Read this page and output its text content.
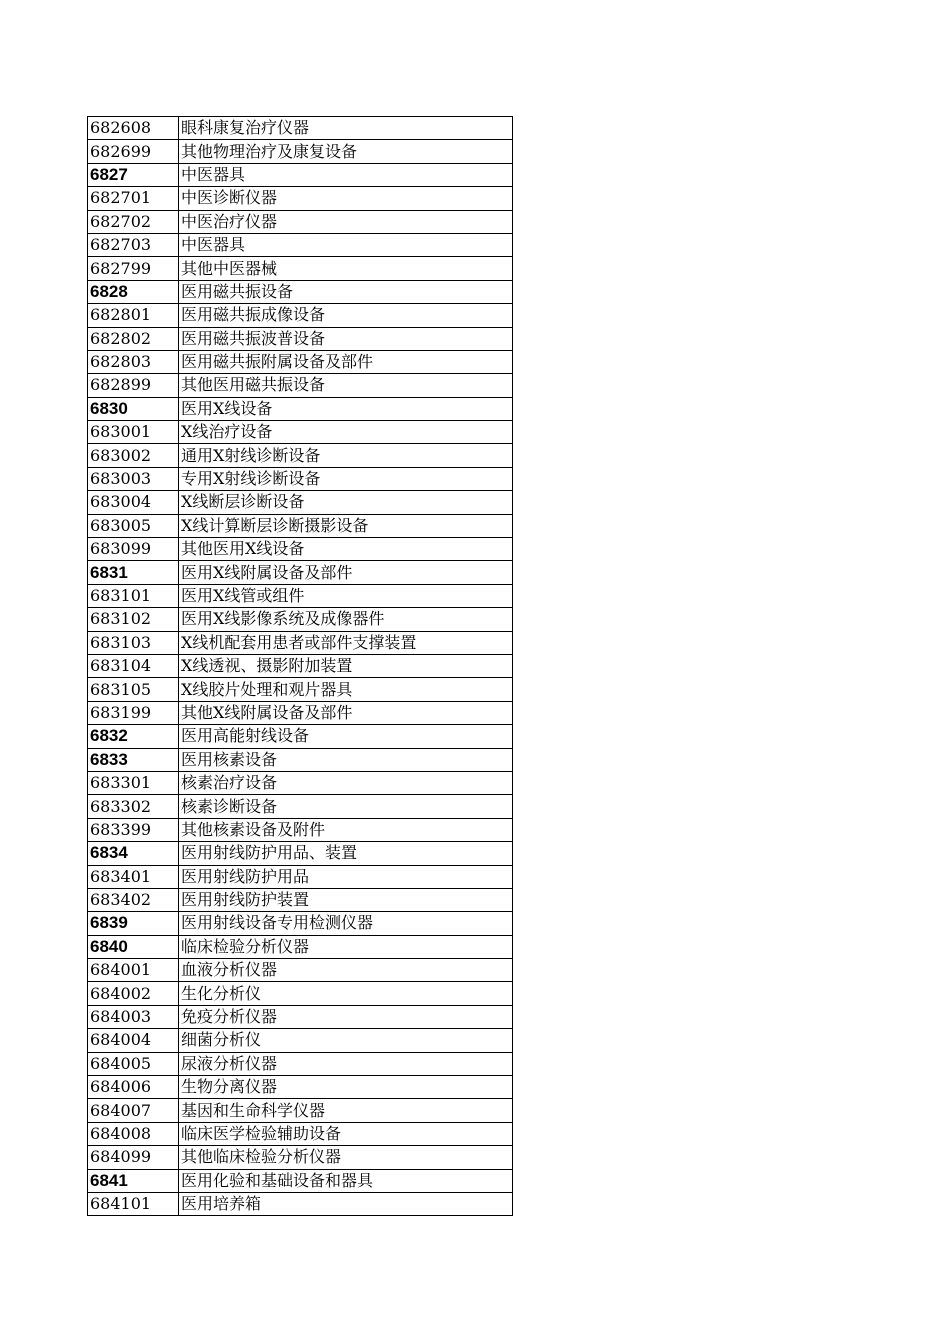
682608	眼科康复治疗仪器
682699	其他物理治疗及康复设备
6827	中医器具
682701	中医诊断仪器
682702	中医治疗仪器
682703	中医器具
682799	其他中医器械
6828	医用磁共振设备
682801	医用磁共振成像设备
682802	医用磁共振波普设备
682803	医用磁共振附属设备及部件
682899	其他医用磁共振设备
6830	医用X线设备
683001	X线治疗设备
683002	通用X射线诊断设备
683003	专用X射线诊断设备
683004	X线断层诊断设备
683005	X线计算断层诊断摄影设备
683099	其他医用X线设备
6831	医用X线附属设备及部件
683101	医用X线管或组件
683102	医用X线影像系统及成像器件
683103	X线机配套用患者或部件支撑装置
683104	X线透视、摄影附加装置
683105	X线胶片处理和观片器具
683199	其他X线附属设备及部件
6832	医用高能射线设备
6833	医用核素设备
683301	核素治疗设备
683302	核素诊断设备
683399	其他核素设备及附件
6834	医用射线防护用品、装置
683401	医用射线防护用品
683402	医用射线防护装置
6839	医用射线设备专用检测仪器
6840	临床检验分析仪器
684001	血液分析仪器
684002	生化分析仪
684003	免疫分析仪器
684004	细菌分析仪
684005	尿液分析仪器
684006	生物分离仪器
684007	基因和生命科学仪器
684008	临床医学检验辅助设备
684099	其他临床检验分析仪器
6841	医用化验和基础设备和器具
684101	医用培养箱
